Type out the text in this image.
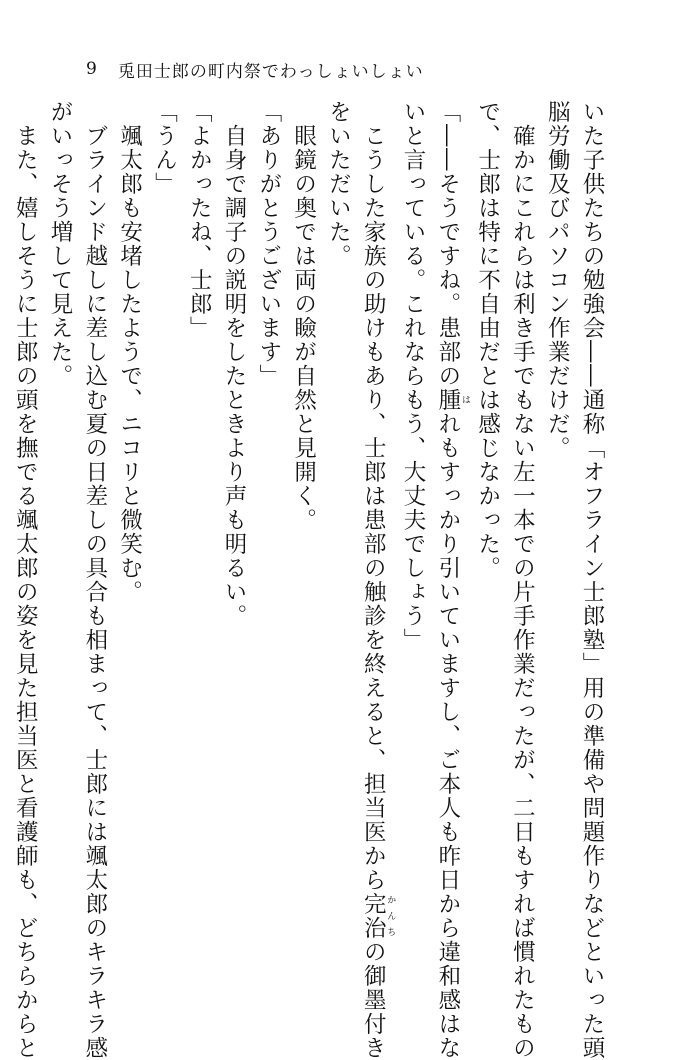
9 兎田士郎の町内祭でわっしょいしょい
いた子供たちの勉強会――通称「オフライン士郎塾」用の準備や問題作りなどといった頭
脳労働及びパソコン作業だけだ。
　確かにこれらは利き手でもない左一本での片手作業だったが、二日もすれば慣れたもの
で、士郎は特に不自由だとは感じなかった。
「――そうですね。患部の腫 はれもすっかり引いていますし、ご本人も昨日から違和感はな
いと言っている。これならもう、大丈夫でしょう」
　こうした家族の助けもあり、士郎は患部の触診を終えると、担当医から完治 かんちの御墨付き
をいただいた。
　眼鏡の奥では両の瞼が自然と見開く。
「ありがとうございます」
　自身で調子の説明をしたときより声も明るい。
「よかったね、士郎」
「うん」
　颯太郎も安堵したようで、ニコリと微笑む。
　ブラインド越しに差し込む夏の日差しの具合も相まって、士郎には颯太郎のキラキラ感
がいっそう増して見えた。
　また、嬉しそうに士郎の頭を撫でる颯太郎の姿を見た担当医と看護師も、どちらからと
